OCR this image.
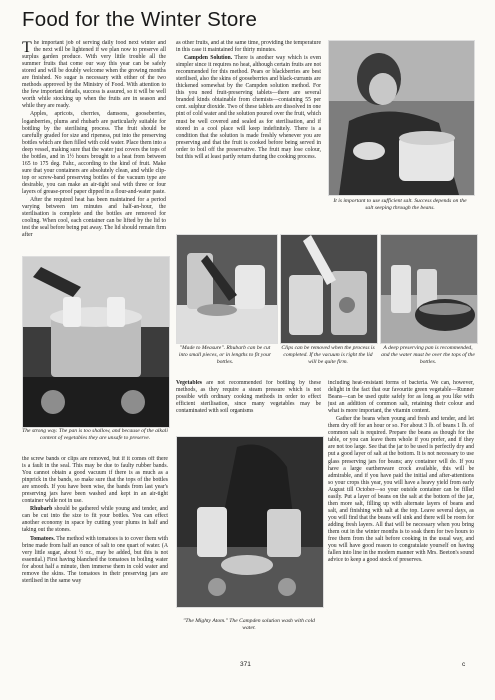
Food for the Winter Store

The important job of serving daily food next winter and the next will be lightened if we plan now to preserve all surplus garden produce. With very little trouble all the summer fruits that come our way this year can be safely stored and will be doubly welcome when the growing months are finished. No sugar is necessary with either of the two methods approved by the Ministry of Food. With attention to the few important details, success is assured, so it will be well worth while stocking up when the fruits are in season and while they are ready.

Apples, apricots, cherries, damsons, gooseberries, loganberries, plums and rhubarb are particularly suitable for bottling by the sterilising process. The fruit should be carefully graded for size and ripeness, put into the preserving bottles which are then filled with cold water. Place them into a deep vessel, making sure that the water just covers the tops of the bottles, and in 1½ hours brought to a heat from between 165 to 175 deg. Fahr., according to the kind of fruit. Make sure that your containers are absolutely clean, and while clip-top or screw-band preserving bottles of the vacuum type are desirable, you can make an air-tight seal with three or four layers of grease-proof paper dipped in a flour-and-water paste.

After the required heat has been maintained for a period varying between ten minutes and half-an-hour, the sterilisation is complete and the bottles are removed for cooling. When cool, each container can be lifted by the lid to test the seal before being put away. The lid should remain firm after

as other fruits, and at the same time, providing the temperature in this case it maintained for thirty minutes.

Campden Solution. There is another way which is even simpler since it requires no heat, although certain fruits are not recommended for this method. Pears or blackberries are best sterilised, also the skins of gooseberries and black-currants are thickened somewhat by the Campden solution method. For this you need fruit-preserving tablets—there are several branded kinds obtainable from chemists—containing 55 per cent. sulphur dioxide. Two of these tablets are dissolved in one pint of cold water and the solution poured over the fruit, which must be well covered and sealed as for sterilisation, and if stored in a cool place will keep indefinitely. There is a condition that the solution is made freshly whenever you are preserving and that the fruit is cooked before being served in order to boil off the preservative. The fruit may lose colour, but this will at least partly return during the cooking process.

It is important to use sufficient salt. Success depends on the salt seeping through the beans.
"Made to Measure". Rhubarb can be cut into small pieces, or in lengths to fit your bottles.
Clips can be removed when the process is completed. If the vacuum is right the lid will be quite firm.
A deep preserving pan is recommended, and the water must be over the tops of the bottles.

Vegetables are not recommended for bottling by these methods, as they require a steam pressure which is not possible with ordinary cooking methods in order to effect efficient sterilisation, since many vegetables may be contaminated with soil organisms

including heat-resistant forms of bacteria. We can, however, delight in the fact that our favourite green vegetable—Runner Beans—can be used quite safely for as long as you like with just an addition of common salt, retaining their colour and what is more important, the vitamin content.

Gather the beans when young and fresh and tender, and let them dry off for an hour or so. For about 3 lb. of beans 1 lb. of common salt is required. Prepare the beans as though for the table, or you can leave them whole if you prefer, and if they are not too large. See that the jar to be used is perfectly dry and put a good layer of salt at the bottom. It is not necessary to use glass preserving jars for beans; any container will do. If you have a large earthenware crock available, this will be admirable, and if you have paid the initial and after-attentions so your crops this year, you will have a heavy yield from early August till October—so your outside container can be filled easily. Put a layer of beans on the salt at the bottom of the jar, then more salt, filling up with alternate layers of beans and salt, and finishing with salt at the top. Leave several days, as you will find that the beans will sink and there will be room for adding fresh layers. All that will be necessary when you bring them out in the winter months is to soak them for two hours to free them from the salt before cooking in the usual way, and you will have good reason to congratulate yourself on having fallen into line in the modern manner with Mrs. Beeton's sound advice to keep a good stock of preserves.

The strong way. The pan is too shallow, and because of the alkali content of vegetables they are unsafe to preserve.

the screw bands or clips are removed, but if it comes off there is a fault in the seal. This may be due to faulty rubber bands. You cannot obtain a good vacuum if there is as much as a pinprick in the bands, so make sure that the tops of the bottles are smooth. If you have been wise, the bands from last year's preserving jars have been washed and kept in an air-tight container while not in use.

Rhubarb should be gathered while young and tender, and can be cut into the size to fit your bottles. You can effect another economy in space by cutting your plums in half and taking out the stones.

Tomatoes. The method with tomatoes is to cover them with brine made from half an ounce of salt to one quart of water. (A very little sugar, about ½ oz., may be added, but this is not essential.) First having blanched the tomatoes in boiling water for about half a minute, then immerse them in cold water and remove the skins. The tomatoes in their preserving jars are sterilised in the same way

"The Mighty Atom." The Campden solution wash with cold water.
371	c
